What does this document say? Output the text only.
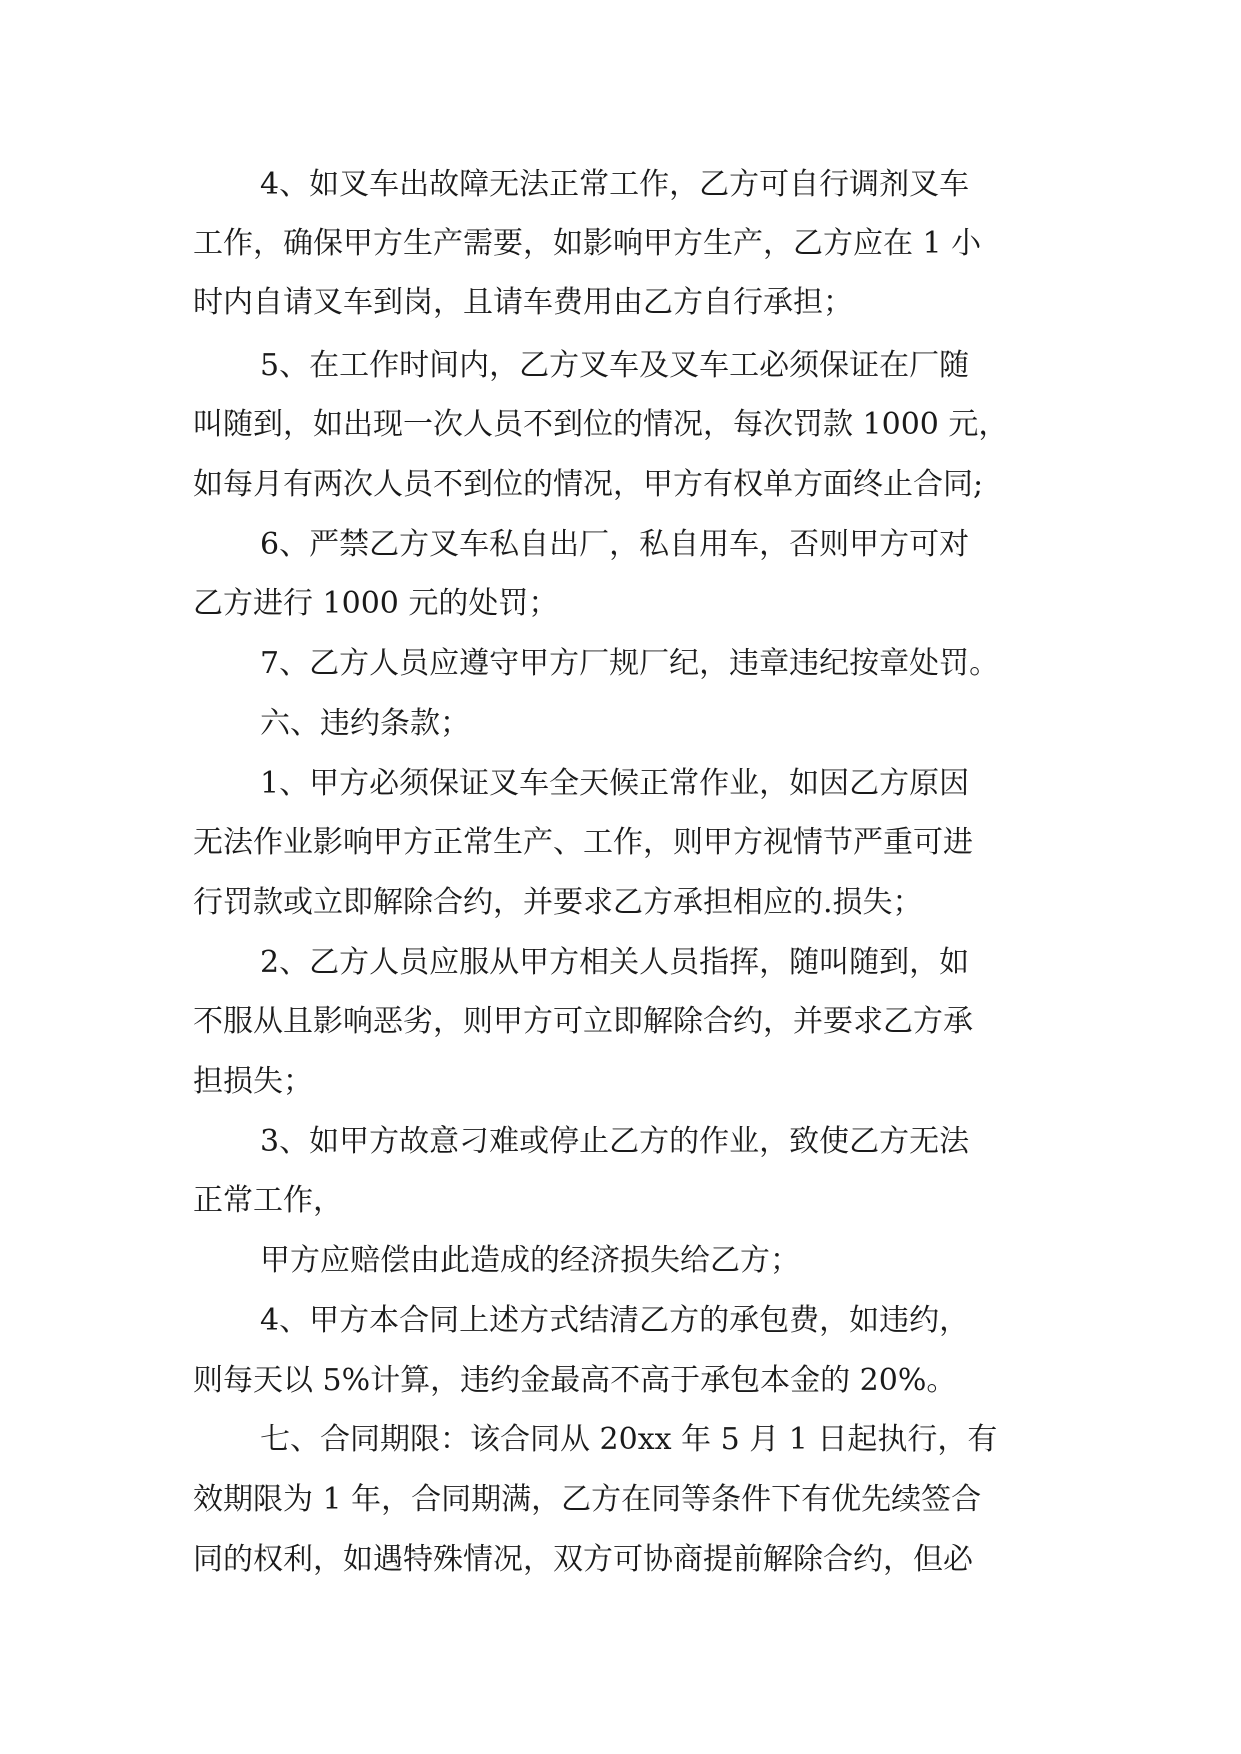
4、如叉车出故障无法正常工作，乙方可自行调剂叉车

工作，确保甲方生产需要，如影响甲方生产，乙方应在 1 小

时内自请叉车到岗，且请车费用由乙方自行承担；

5、在工作时间内，乙方叉车及叉车工必须保证在厂随

叫随到，如出现一次人员不到位的情况，每次罚款 1000 元，

如每月有两次人员不到位的情况，甲方有权单方面终止合同;

6、严禁乙方叉车私自出厂，私自用车，否则甲方可对

乙方进行 1000 元的处罚；

7、乙方人员应遵守甲方厂规厂纪，违章违纪按章处罚。

六、违约条款；

1、甲方必须保证叉车全天候正常作业，如因乙方原因

无法作业影响甲方正常生产、工作，则甲方视情节严重可进

行罚款或立即解除合约，并要求乙方承担相应的.损失；

2、乙方人员应服从甲方相关人员指挥，随叫随到，如

不服从且影响恶劣，则甲方可立即解除合约，并要求乙方承

担损失；

3、如甲方故意刁难或停止乙方的作业，致使乙方无法

正常工作，

甲方应赔偿由此造成的经济损失给乙方；

4、甲方本合同上述方式结清乙方的承包费，如违约，

则每天以 5%计算，违约金最高不高于承包本金的 20%。

七、合同期限：该合同从 20xx 年 5 月 1 日起执行，有

效期限为 1 年，合同期满，乙方在同等条件下有优先续签合

同的权利，如遇特殊情况，双方可协商提前解除合约，但必
